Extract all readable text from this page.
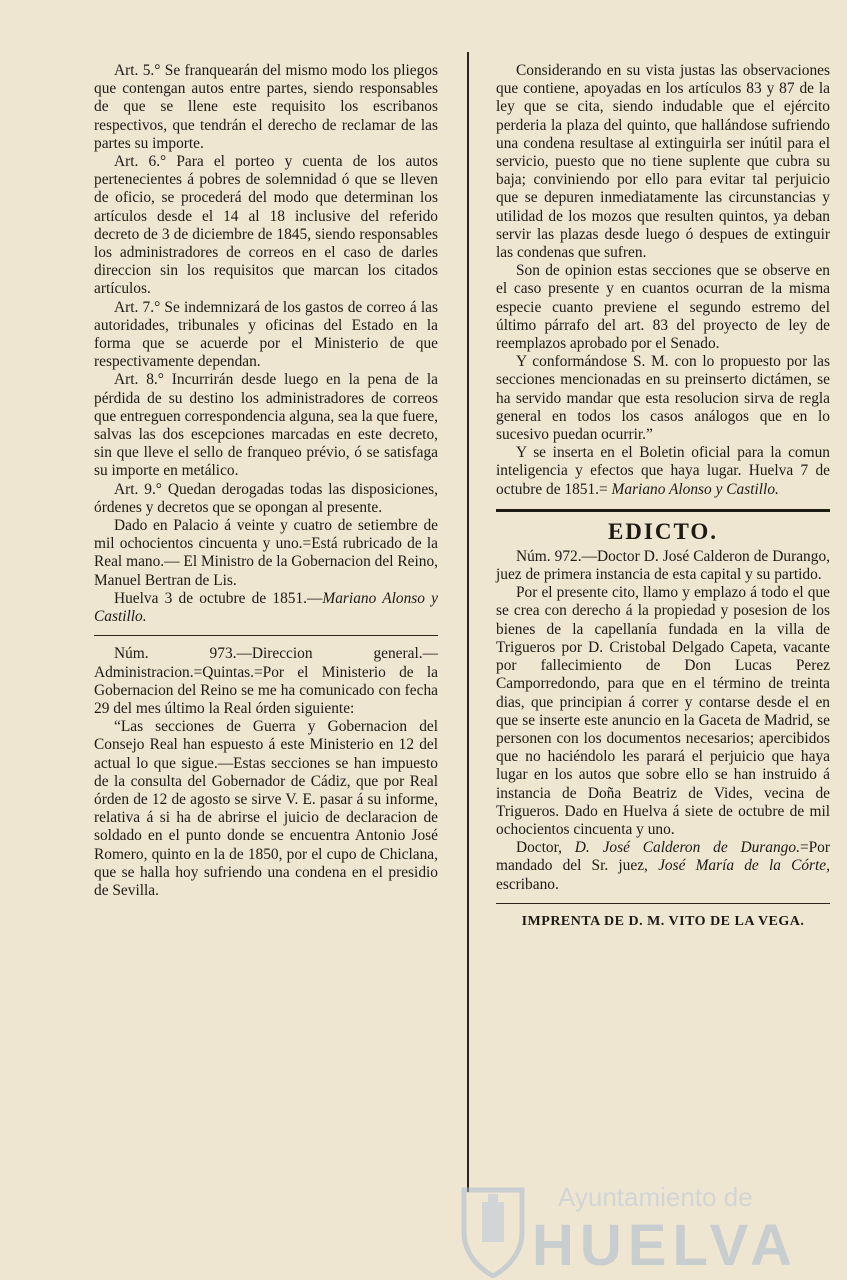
Art. 5.° Se franquearán del mismo modo los pliegos que contengan autos entre partes, siendo responsables de que se llene este requisito los escribanos respectivos, que tendrán el derecho de reclamar de las partes su importe.

Art. 6.° Para el porteo y cuenta de los autos pertenecientes á pobres de solemnidad ó que se lleven de oficio, se procederá del modo que determinan los artículos desde el 14 al 18 inclusive del referido decreto de 3 de diciembre de 1845, siendo responsables los administradores de correos en el caso de darles direccion sin los requisitos que marcan los citados artículos.

Art. 7.° Se indemnizará de los gastos de correo á las autoridades, tribunales y oficinas del Estado en la forma que se acuerde por el Ministerio de que respectivamente dependan.

Art. 8.° Incurrirán desde luego en la pena de la pérdida de su destino los administradores de correos que entreguen correspondencia alguna, sea la que fuere, salvas las dos escepciones marcadas en este decreto, sin que lleve el sello de franqueo prévio, ó se satisfaga su importe en metálico.

Art. 9.° Quedan derogadas todas las disposiciones, órdenes y decretos que se opongan al presente.

Dado en Palacio á veinte y cuatro de setiembre de mil ochocientos cincuenta y uno.=Está rubricado de la Real mano.— El Ministro de la Gobernacion del Reino, Manuel Bertran de Lis.

Huelva 3 de octubre de 1851.—Mariano Alonso y Castillo.

Núm. 973.—Direccion general.—Administracion.=Quintas.=Por el Ministerio de la Gobernacion del Reino se me ha comunicado con fecha 29 del mes último la Real órden siguiente:

“Las secciones de Guerra y Gobernacion del Consejo Real han espuesto á este Ministerio en 12 del actual lo que sigue.—Estas secciones se han impuesto de la consulta del Gobernador de Cádiz, que por Real órden de 12 de agosto se sirve V. E. pasar á su informe, relativa á si ha de abrirse el juicio de declaracion de soldado en el punto donde se encuentra Antonio José Romero, quinto en la de 1850, por el cupo de Chiclana, que se halla hoy sufriendo una condena en el presidio de Sevilla.

Considerando en su vista justas las observaciones que contiene, apoyadas en los artículos 83 y 87 de la ley que se cita, siendo indudable que el ejército perderia la plaza del quinto, que hallándose sufriendo una condena resultase al extinguirla ser inútil para el servicio, puesto que no tiene suplente que cubra su baja; conviniendo por ello para evitar tal perjuicio que se depuren inmediatamente las circunstancias y utilidad de los mozos que resulten quintos, ya deban servir las plazas desde luego ó despues de extinguir las condenas que sufren.

Son de opinion estas secciones que se observe en el caso presente y en cuantos ocurran de la misma especie cuanto previene el segundo estremo del último párrafo del art. 83 del proyecto de ley de reemplazos aprobado por el Senado.

Y conformándose S. M. con lo propuesto por las secciones mencionadas en su preinserto dictámen, se ha servido mandar que esta resolucion sirva de regla general en todos los casos análogos que en lo sucesivo puedan ocurrir.”

Y se inserta en el Boletin oficial para la comun inteligencia y efectos que haya lugar. Huelva 7 de octubre de 1851.= Mariano Alonso y Castillo.

EDICTO.

Núm. 972.—Doctor D. José Calderon de Durango, juez de primera instancia de esta capital y su partido.

Por el presente cito, llamo y emplazo á todo el que se crea con derecho á la propiedad y posesion de los bienes de la capellanía fundada en la villa de Trigueros por D. Cristobal Delgado Capeta, vacante por fallecimiento de Don Lucas Perez Camporredondo, para que en el término de treinta dias, que principian á correr y contarse desde el en que se inserte este anuncio en la Gaceta de Madrid, se personen con los documentos necesarios; apercibidos que no haciéndolo les parará el perjuicio que haya lugar en los autos que sobre ello se han instruido á instancia de Doña Beatriz de Vides, vecina de Trigueros. Dado en Huelva á siete de octubre de mil ochocientos cincuenta y uno.

Doctor, D. José Calderon de Durango.=Por mandado del Sr. juez, José María de la Córte, escribano.

IMPRENTA DE D. M. VITO DE LA VEGA.
Ayuntamiento de
HUELVA
